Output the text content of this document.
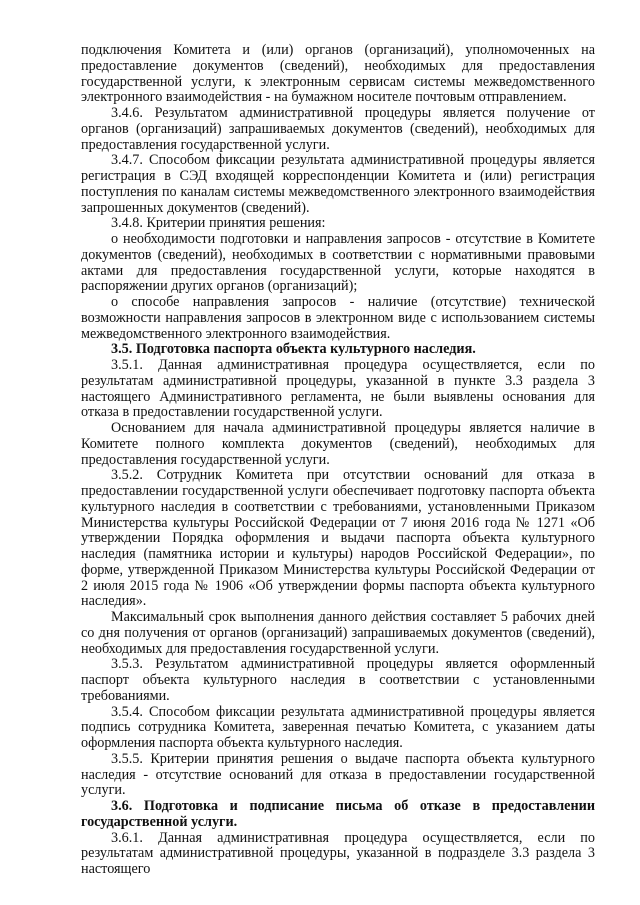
подключения Комитета и (или) органов (организаций), уполномоченных на предоставление документов (сведений), необходимых для предоставления государственной услуги, к электронным сервисам системы межведомственного электронного взаимодействия - на бумажном носителе почтовым отправлением.

3.4.6. Результатом административной процедуры является получение от органов (организаций) запрашиваемых документов (сведений), необходимых для предоставления государственной услуги.

3.4.7. Способом фиксации результата административной процедуры является регистрация в СЭД входящей корреспонденции Комитета и (или) регистрация поступления по каналам системы межведомственного электронного взаимодействия запрошенных документов (сведений).

3.4.8. Критерии принятия решения:

о необходимости подготовки и направления запросов - отсутствие в Комитете документов (сведений), необходимых в соответствии с нормативными правовыми актами для предоставления государственной услуги, которые находятся в распоряжении других органов (организаций);

о способе направления запросов - наличие (отсутствие) технической возможности направления запросов в электронном виде с использованием системы межведомственного электронного взаимодействия.

3.5. Подготовка паспорта объекта культурного наследия.

3.5.1. Данная административная процедура осуществляется, если по результатам административной процедуры, указанной в пункте 3.3 раздела 3 настоящего Административного регламента, не были выявлены основания для отказа в предоставлении государственной услуги.

Основанием для начала административной процедуры является наличие в Комитете полного комплекта документов (сведений), необходимых для предоставления государственной услуги.

3.5.2. Сотрудник Комитета при отсутствии оснований для отказа в предоставлении государственной услуги обеспечивает подготовку паспорта объекта культурного наследия в соответствии с требованиями, установленными Приказом Министерства культуры Российской Федерации от 7 июня 2016 года № 1271 «Об утверждении Порядка оформления и выдачи паспорта объекта культурного наследия (памятника истории и культуры) народов Российской Федерации», по форме, утвержденной Приказом Министерства культуры Российской Федерации от 2 июля 2015 года № 1906 «Об утверждении формы паспорта объекта культурного наследия».

Максимальный срок выполнения данного действия составляет 5 рабочих дней со дня получения от органов (организаций) запрашиваемых документов (сведений), необходимых для предоставления государственной услуги.

3.5.3. Результатом административной процедуры является оформленный паспорт объекта культурного наследия в соответствии с установленными требованиями.

3.5.4. Способом фиксации результата административной процедуры является подпись сотрудника Комитета, заверенная печатью Комитета, с указанием даты оформления паспорта объекта культурного наследия.

3.5.5. Критерии принятия решения о выдаче паспорта объекта культурного наследия - отсутствие оснований для отказа в предоставлении государственной услуги.

3.6. Подготовка и подписание письма об отказе в предоставлении государственной услуги.

3.6.1. Данная административная процедура осуществляется, если по результатам административной процедуры, указанной в подразделе 3.3 раздела 3 настоящего
